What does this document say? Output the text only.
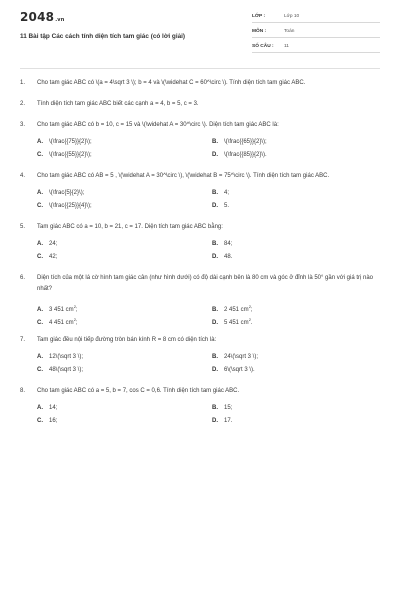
2048.vn
11 Bài tập Các cách tính diện tích tam giác (có lời giải)
LỚP :	Lớp 10
MÔN :	Toán
SỐ CÂU : 11
1. Cho tam giác ABC có \(a = 4\sqrt 3 \); b = 4 và \(\widehat C = 60^\circ \). Tính diện tích tam giác ABC.
2. Tính diện tích tam giác ABC biết các cạnh a = 4, b = 5, c = 3.
3. Cho tam giác ABC có b = 10, c = 15 và \(\widehat A = 30^\circ \). Diện tích tam giác ABC là:
A. \(\frac{{75}}{2}\);	B. \(\frac{{65}}{2}\);
C. \(\frac{{55}}{2}\);	D. \(\frac{{85}}{2}\).
4. Cho tam giác ABC có AB = 5 , \(\widehat A = 30^\circ \), \(\widehat B = 75^\circ \). Tính diện tích tam giác ABC.
A. \(\frac{5}{2}\);	B. 4;
C. \(\frac{{25}}{4}\);	D. 5.
5. Tam giác ABC có a = 10, b = 21, c = 17. Diện tích tam giác ABC bằng:
A. 24;	B. 84;
C. 42;	D. 48.
6. Diện tích của một lá cờ hình tam giác cân (như hình dưới) có độ dài cạnh bên là 80 cm và góc ở đỉnh là 50° gần với giá trị nào nhất?
A. 3 451 $cm^2$;	B. 2 451 $cm^2$;
C. 4 451 $cm^2$;	D. 5 451 $cm^2$.
7. Tam giác đều nội tiếp đường tròn bán kính R = 8 cm có diện tích là:
A. 12\(\sqrt 3 \);	B. 24\(\sqrt 3 \);
C. 48\(\sqrt 3 \);	D. 6\(\sqrt 3 \).
8. Cho tam giác ABC có a = 5, b = 7, cos C = 0,6. Tính diện tích tam giác ABC.
A. 14;	B. 15;
C. 16;	D. 17.
